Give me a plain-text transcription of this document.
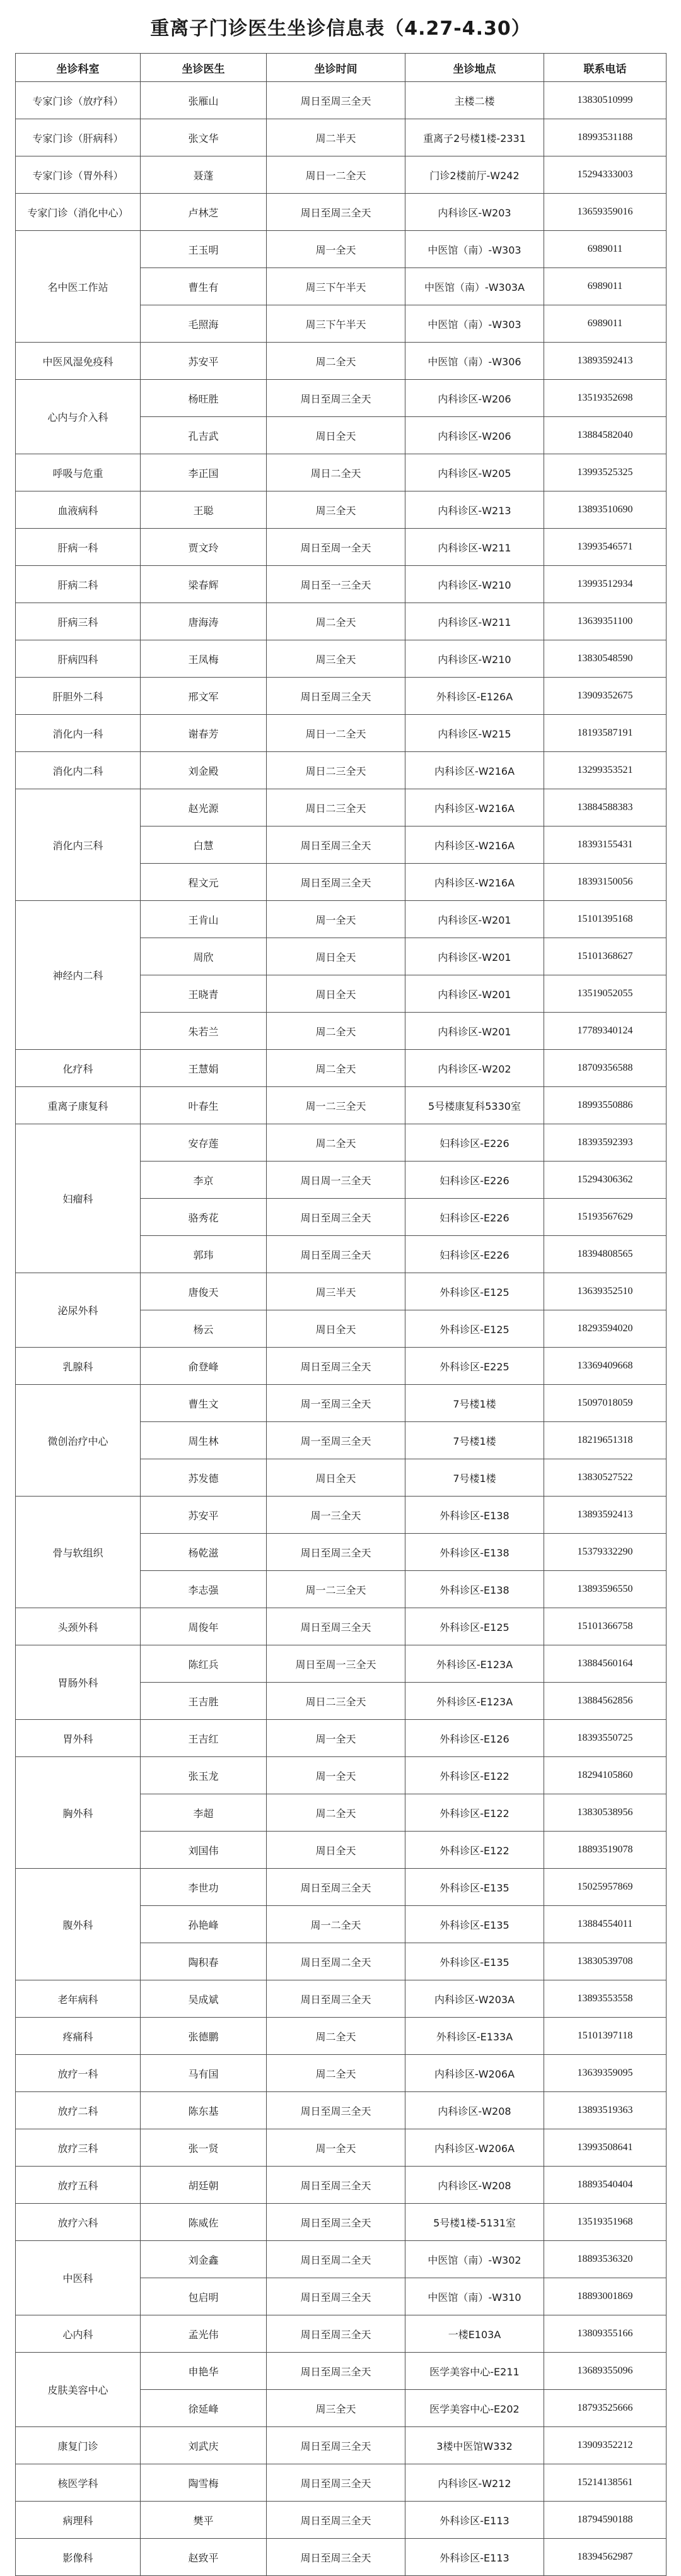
重离子门诊医生坐诊信息表（4.27-4.30）
坐诊科室	坐诊医生	坐诊时间	坐诊地点	联系电话
专家门诊（放疗科）	张雁山	周日至周三全天	主楼二楼	13830510999
专家门诊（肝病科）	张文华	周二半天	重离子2号楼1楼-2331	18993531188
专家门诊（胃外科）	聂蓬	周日一二全天	门诊2楼前厅-W242	15294333003
专家门诊（消化中心）	卢林芝	周日至周三全天	内科诊区-W203	13659359016
名中医工作站	王玉明	周一全天	中医馆（南）-W303	6989011
	曹生有	周三下午半天	中医馆（南）-W303A	6989011
	毛照海	周三下午半天	中医馆（南）-W303	6989011
中医风湿免疫科	苏安平	周二全天	中医馆（南）-W306	13893592413
心内与介入科	杨旺胜	周日至周三全天	内科诊区-W206	13519352698
	孔吉武	周日全天	内科诊区-W206	13884582040
呼吸与危重	李正国	周日二全天	内科诊区-W205	13993525325
血液病科	王聪	周三全天	内科诊区-W213	13893510690
肝病一科	贾文玲	周日至周一全天	内科诊区-W211	13993546571
肝病二科	梁春辉	周日至一三全天	内科诊区-W210	13993512934
肝病三科	唐海涛	周二全天	内科诊区-W211	13639351100
肝病四科	王凤梅	周三全天	内科诊区-W210	13830548590
肝胆外二科	邢文军	周日至周三全天	外科诊区-E126A	13909352675
消化内一科	谢春芳	周日一二全天	内科诊区-W215	18193587191
消化内二科	刘金殿	周日二三全天	内科诊区-W216A	13299353521
消化内三科	赵光源	周日二三全天	内科诊区-W216A	13884588383
	白慧	周日至周三全天	内科诊区-W216A	18393155431
	程文元	周日至周三全天	内科诊区-W216A	18393150056
神经内二科	王肯山	周一全天	内科诊区-W201	15101395168
	周欣	周日全天	内科诊区-W201	15101368627
	王晓青	周日全天	内科诊区-W201	13519052055
	朱若兰	周二全天	内科诊区-W201	17789340124
化疗科	王慧娟	周二全天	内科诊区-W202	18709356588
重离子康复科	叶春生	周一二三全天	5号楼康复科5330室	18993550886
妇瘤科	安存莲	周二全天	妇科诊区-E226	18393592393
	李京	周日周一三全天	妇科诊区-E226	15294306362
	骆秀花	周日至周三全天	妇科诊区-E226	15193567629
	郭玮	周日至周三全天	妇科诊区-E226	18394808565
泌尿外科	唐俊天	周三半天	外科诊区-E125	13639352510
	杨云	周日全天	外科诊区-E125	18293594020
乳腺科	俞登峰	周日至周三全天	外科诊区-E225	13369409668
微创治疗中心	曹生文	周一至周三全天	7号楼1楼	15097018059
	周生林	周一至周三全天	7号楼1楼	18219651318
	苏发德	周日全天	7号楼1楼	13830527522
骨与软组织	苏安平	周一三全天	外科诊区-E138	13893592413
	杨乾滋	周日至周三全天	外科诊区-E138	15379332290
	李志强	周一二三全天	外科诊区-E138	13893596550
头颈外科	周俊年	周日至周三全天	外科诊区-E125	15101366758
胃肠外科	陈红兵	周日至周一三全天	外科诊区-E123A	13884560164
	王吉胜	周日二三全天	外科诊区-E123A	13884562856
胃外科	王吉红	周一全天	外科诊区-E126	18393550725
胸外科	张玉龙	周一全天	外科诊区-E122	18294105860
	李超	周二全天	外科诊区-E122	13830538956
	刘国伟	周日全天	外科诊区-E122	18893519078
腹外科	李世功	周日至周三全天	外科诊区-E135	15025957869
	孙艳峰	周一二全天	外科诊区-E135	13884554011
	陶积春	周日至周二全天	外科诊区-E135	13830539708
老年病科	吴成斌	周日至周三全天	内科诊区-W203A	13893553558
疼痛科	张德鹏	周二全天	外科诊区-E133A	15101397118
放疗一科	马有国	周二全天	内科诊区-W206A	13639359095
放疗二科	陈东基	周日至周三全天	内科诊区-W208	13893519363
放疗三科	张一贤	周一全天	内科诊区-W206A	13993508641
放疗五科	胡廷朝	周日至周三全天	内科诊区-W208	18893540404
放疗六科	陈威佐	周日至周三全天	5号楼1楼-5131室	13519351968
中医科	刘金鑫	周日至周二全天	中医馆（南）-W302	18893536320
	包启明	周日至周三全天	中医馆（南）-W310	18893001869
心内科	孟光伟	周日至周三全天	一楼E103A	13809355166
皮肤美容中心	申艳华	周日至周三全天	医学美容中心-E211	13689355096
	徐延峰	周三全天	医学美容中心-E202	18793525666
康复门诊	刘武庆	周日至周三全天	3楼中医馆W332	13909352212
核医学科	陶雪梅	周日至周三全天	内科诊区-W212	15214138561
病理科	樊平	周日至周三全天	外科诊区-E113	18794590188
影像科	赵致平	周日至周三全天	外科诊区-E113	18394562987
